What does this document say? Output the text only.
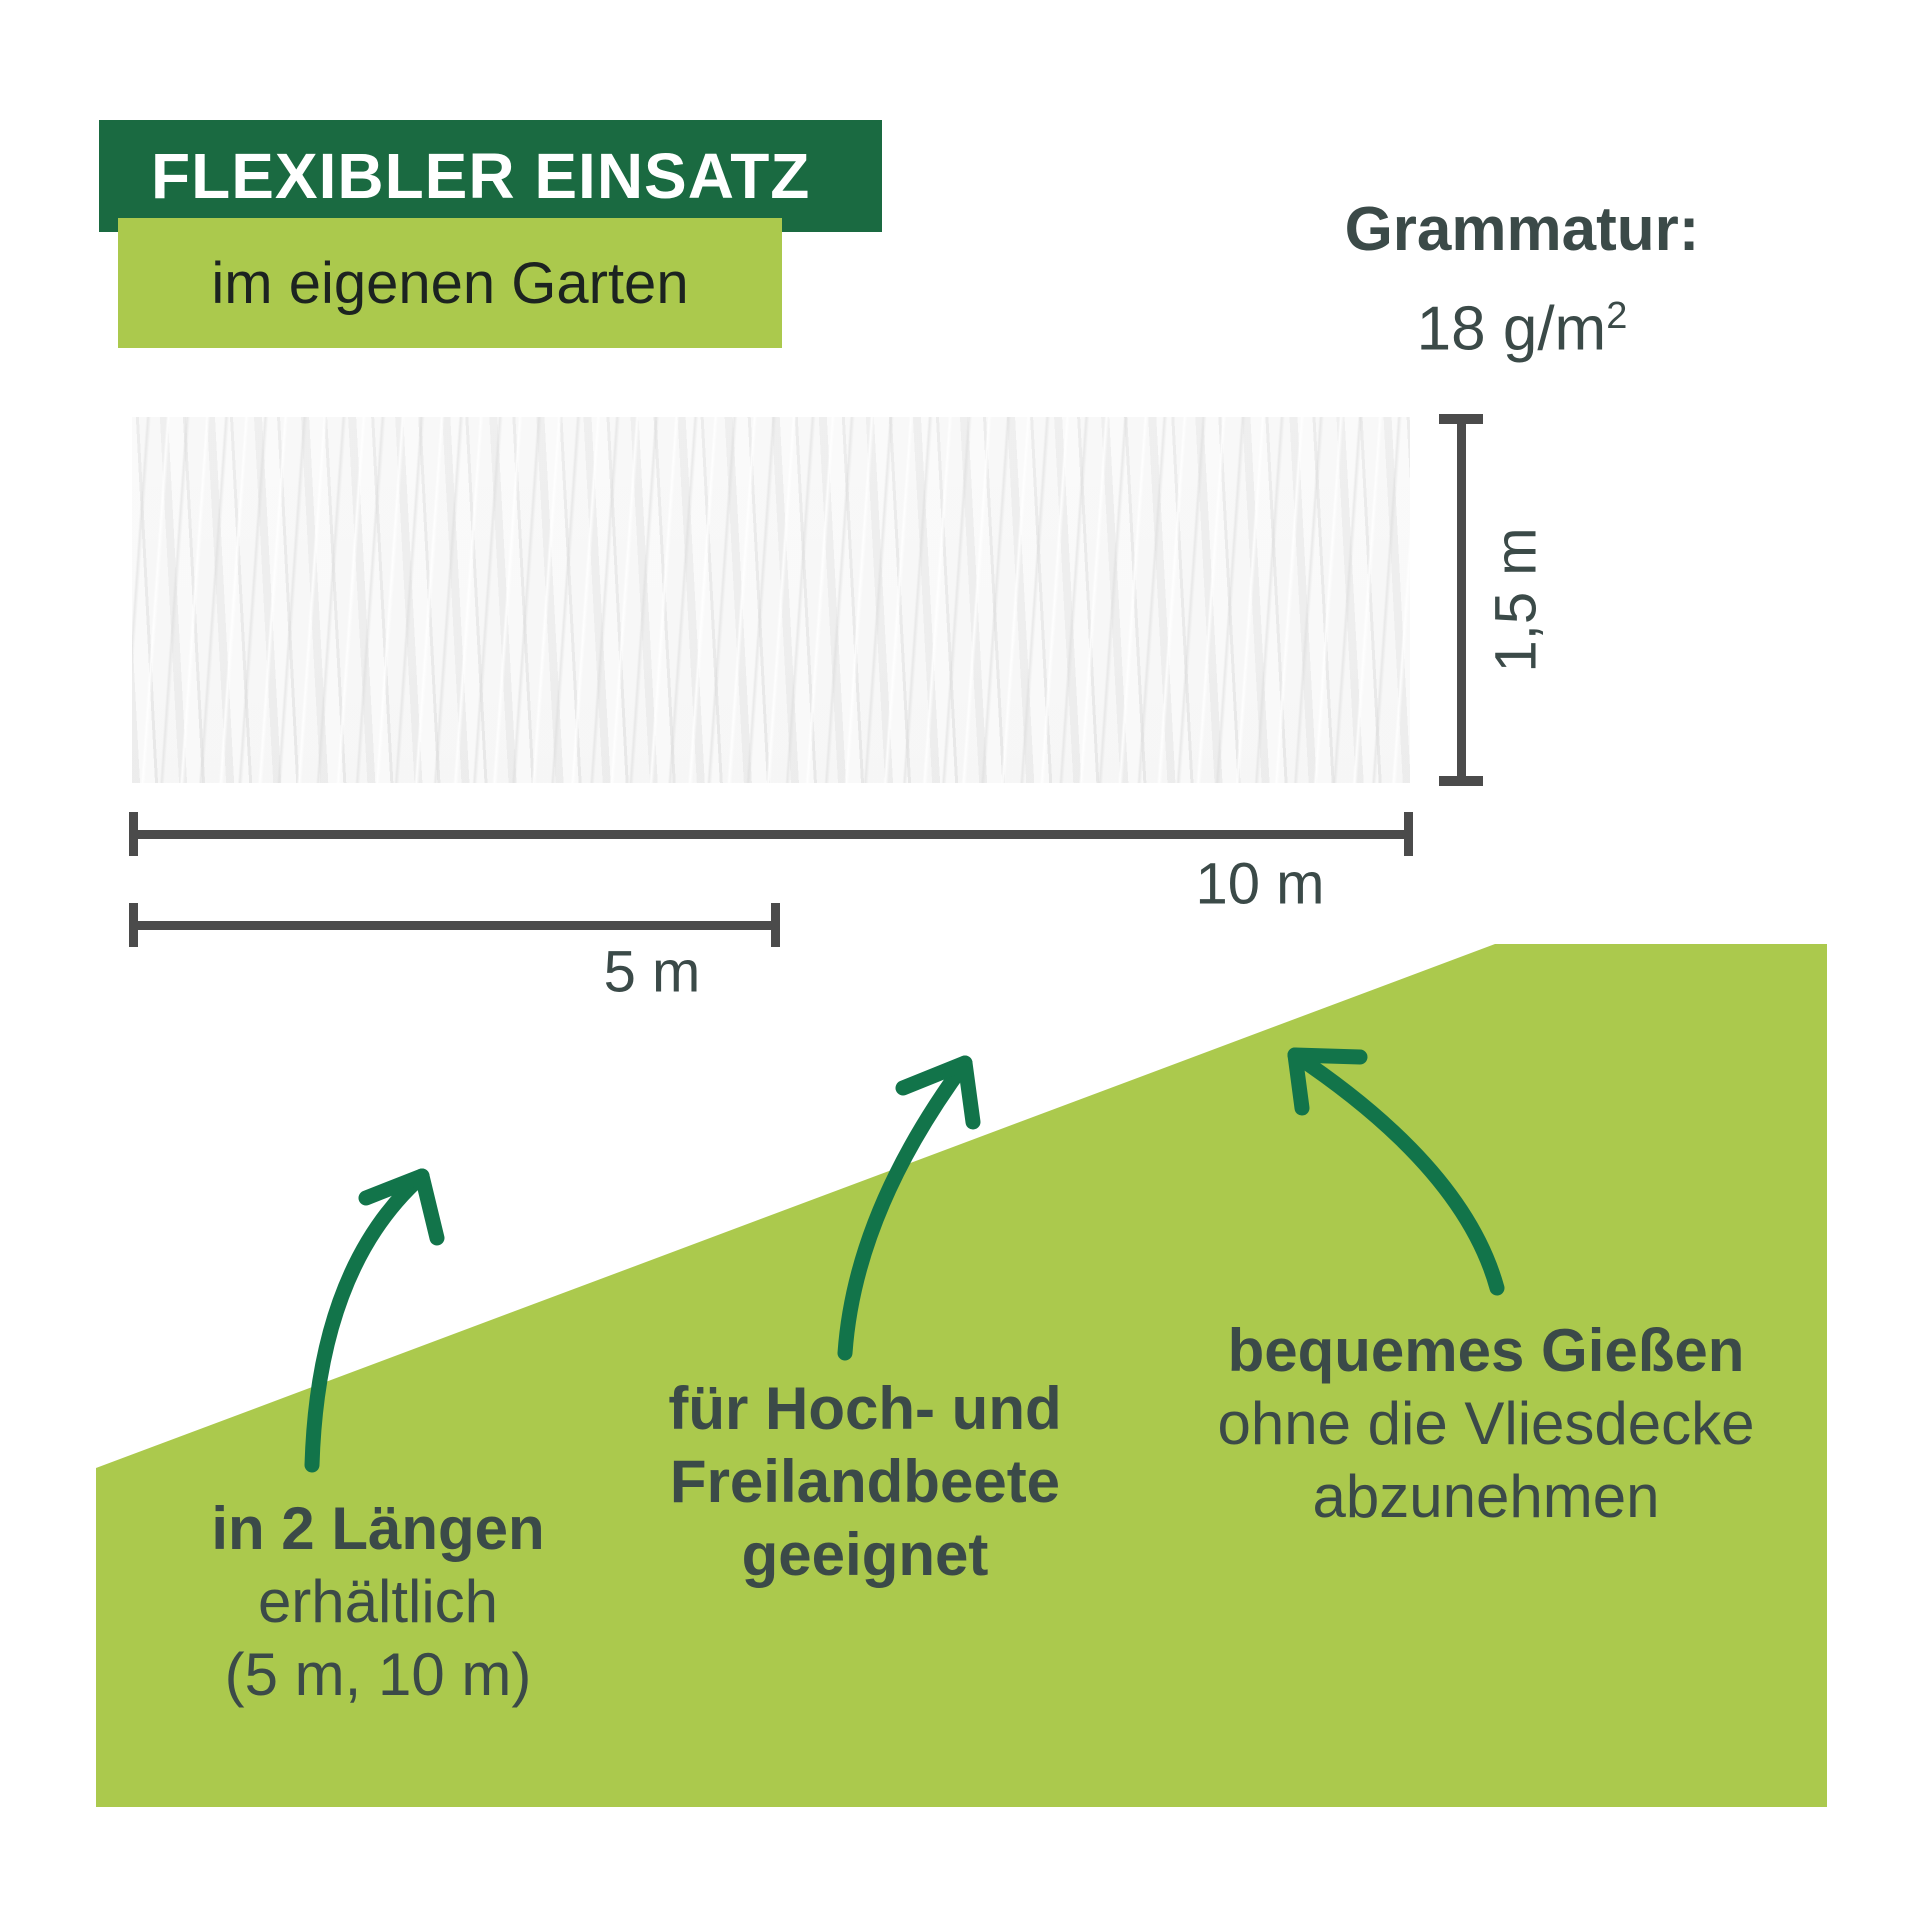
FLEXIBLER EINSATZ
im eigenen Garten
Grammatur:
18 $g/m^2$
1,5 m
10 m
5 m
in 2 Längen
erhältlich
(5 m, 10 m)
für Hoch- und
Freilandbeete
geeignet
bequemes Gießen
ohne die Vliesdecke
abzunehmen
